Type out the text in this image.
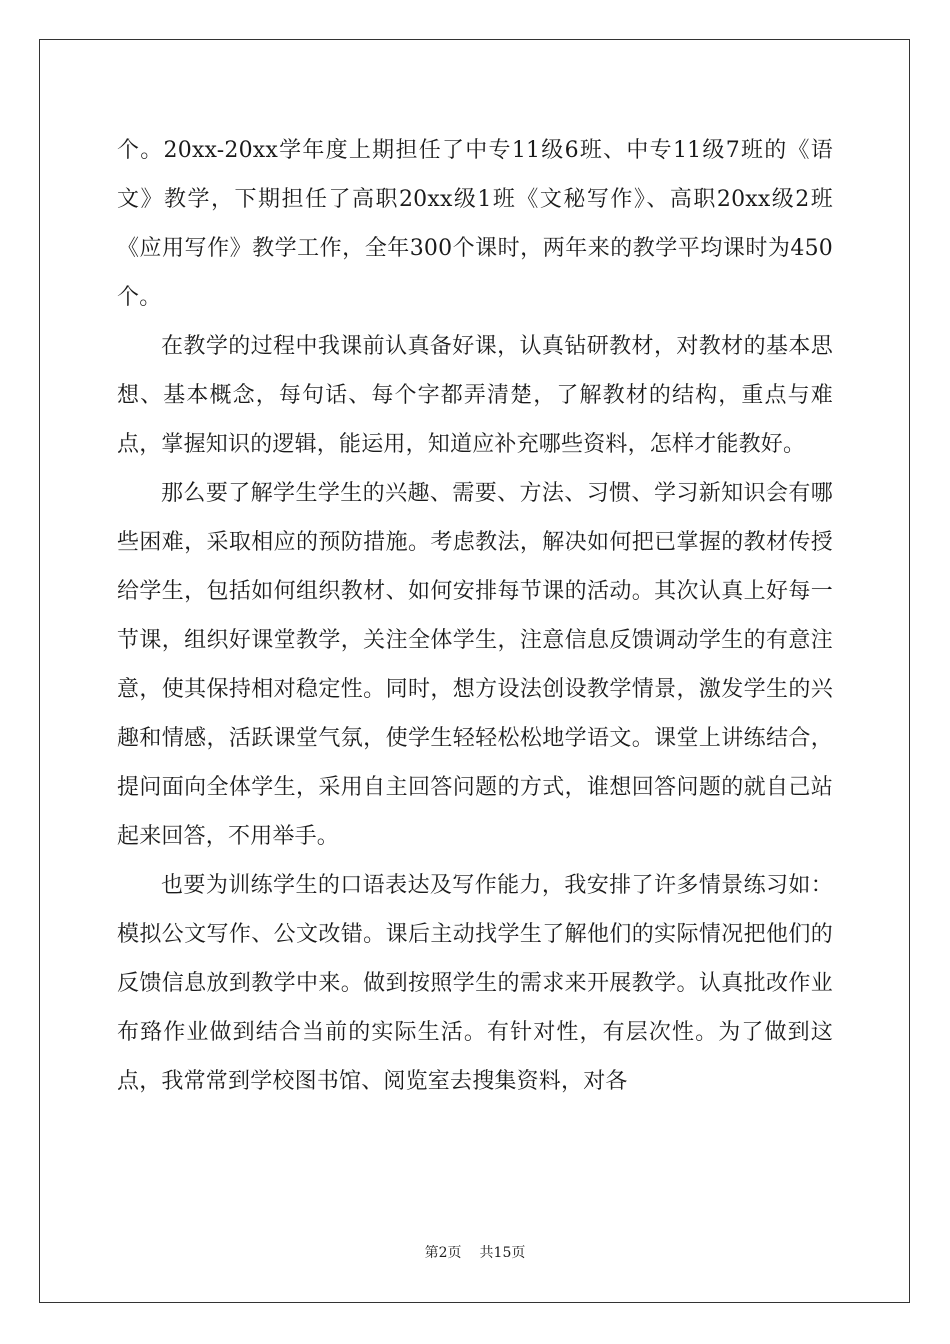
个。20xx-20xx学年度上期担任了中专11级6班、中专11级7班的《语文》教学，下期担任了高职20xx级1班《文秘写作》、高职20xx级2班《应用写作》教学工作，全年300个课时，两年来的教学平均课时为450个。

在教学的过程中我课前认真备好课，认真钻研教材，对教材的基本思想、基本概念，每句话、每个字都弄清楚，了解教材的结构，重点与难点，掌握知识的逻辑，能运用，知道应补充哪些资料，怎样才能教好。

那么要了解学生学生的兴趣、需要、方法、习惯、学习新知识会有哪些困难，采取相应的预防措施。考虑教法，解决如何把已掌握的教材传授给学生，包括如何组织教材、如何安排每节课的活动。其次认真上好每一节课，组织好课堂教学，关注全体学生，注意信息反馈调动学生的有意注意，使其保持相对稳定性。同时，想方设法创设教学情景，激发学生的兴趣和情感，活跃课堂气氛，使学生轻轻松松地学语文。课堂上讲练结合，提问面向全体学生，采用自主回答问题的方式，谁想回答问题的就自己站起来回答，不用举手。

也要为训练学生的口语表达及写作能力，我安排了许多情景练习如：模拟公文写作、公文改错。课后主动找学生了解他们的实际情况把他们的反馈信息放到教学中来。做到按照学生的需求来开展教学。认真批改作业布臵作业做到结合当前的实际生活。有针对性，有层次性。为了做到这点，我常常到学校图书馆、阅览室去搜集资料，对各

第2页 共15页
